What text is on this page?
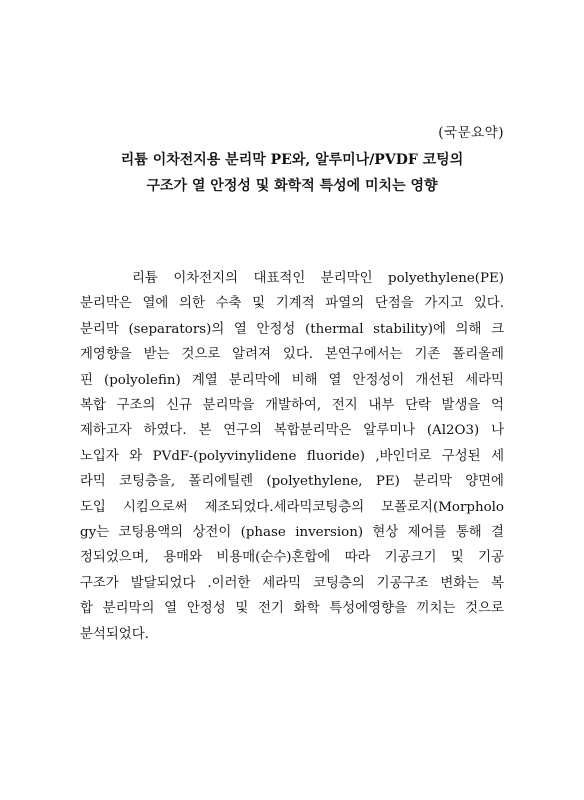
(국문요약)
리튬 이차전지용 분리막 PE와, 알루미나/PVDF 코팅의
구조가 열 안정성 및 화학적 특성에 미치는 영향
리튬 이차전지의 대표적인 분리막인 polyethylene(PE)
분리막은 열에 의한 수축 및 기계적 파열의 단점을 가지고 있다.
분리막 (separators)의 열 안정성 (thermal stability)에 의해 크
게영향을 받는 것으로 알려져 있다. 본연구에서는 기존 폴리올레
핀 (polyolefin) 계열 분리막에 비해 열 안정성이 개선된 세라믹
복합 구조의 신규 분리막을 개발하여, 전지 내부 단락 발생을 억
제하고자 하였다. 본 연구의 복합분리막은 알루미나 (Al2O3) 나
노입자 와 PVdF-(polyvinylidene fluoride) ,바인더로 구성된 세
라믹 코팅층을, 폴리에틸렌 (polyethylene, PE) 분리막 양면에
도입 시킴으로써 제조되었다.세라믹코팅층의 모폴로지(Morpholo
gy는 코팅용액의 상전이 (phase inversion) 현상 제어를 통해 결
정되었으며, 용매와 비용매(순수)혼합에 따라 기공크기 및 기공
구조가 발달되었다 .이러한 세라믹 코팅층의 기공구조 변화는 복
합 분리막의 열 안정성 및 전기 화학 특성에영향을 끼치는 것으로
분석되었다.
